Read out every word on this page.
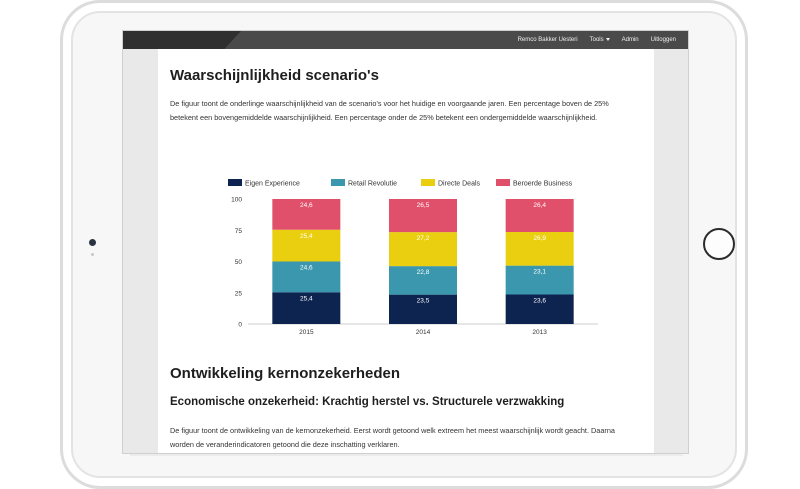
Remco Bakker Uesteri Tools	Admin Uitloggen
Waarschijnlijkheid scenario's
De figuur toont de onderlinge waarschijnlijkheid van de scenario's voor het huidige en voorgaande jaren. Een percentage boven de 25% betekent een bovengemiddelde waarschijnlijkheid. Een percentage onder de 25% betekent een ondergemiddelde waarschijnlijkheid.
Eigen Experience	Retail Revolutie	Directe Deals	Beroerde Business
0
25
50
75
100
25,4
24,6
25,4
24,6
2015
23,5
22,8
27,2
26,5
2014
23,6
23,1
26,9
26,4
2013
Ontwikkeling kernonzekerheden
Economische onzekerheid: Krachtig herstel vs. Structurele verzwakking
De figuur toont de ontwikkeling van de kernonzekerheid. Eerst wordt getoond welk extreem het meest waarschijnlijk wordt geacht. Daarna worden de veranderindicatoren getoond die deze inschatting verklaren.
